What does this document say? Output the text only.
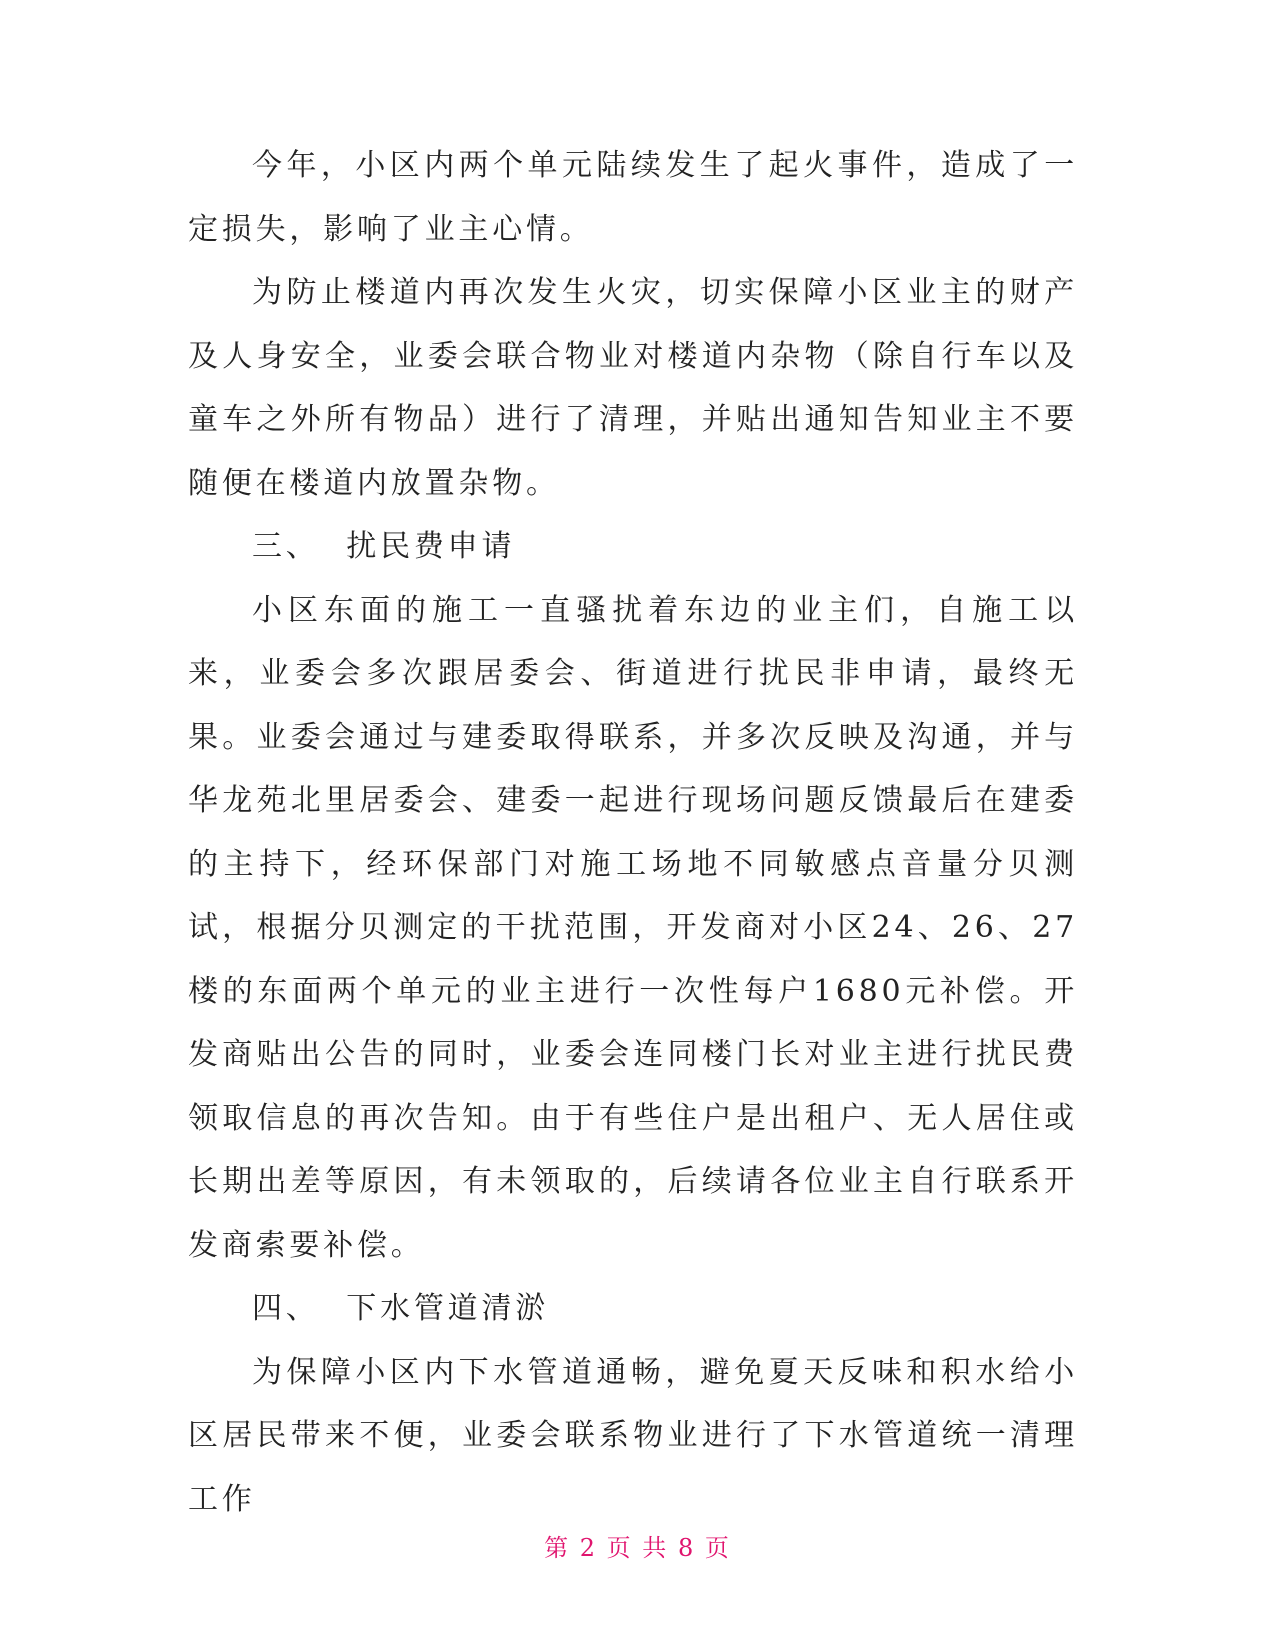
今年，小区内两个单元陆续发生了起火事件，造成了一定损失，影响了业主心情。

为防止楼道内再次发生火灾，切实保障小区业主的财产及人身安全，业委会联合物业对楼道内杂物（除自行车以及童车之外所有物品）进行了清理，并贴出通知告知业主不要随便在楼道内放置杂物。

三、  扰民费申请

小区东面的施工一直骚扰着东边的业主们，自施工以来，业委会多次跟居委会、街道进行扰民非申请，最终无果。业委会通过与建委取得联系，并多次反映及沟通，并与华龙苑北里居委会、建委一起进行现场问题反馈最后在建委的主持下，经环保部门对施工场地不同敏感点音量分贝测试，根据分贝测定的干扰范围，开发商对小区24、26、27楼的东面两个单元的业主进行一次性每户1680元补偿。开发商贴出公告的同时，业委会连同楼门长对业主进行扰民费领取信息的再次告知。由于有些住户是出租户、无人居住或长期出差等原因，有未领取的，后续请各位业主自行联系开发商索要补偿。

四、  下水管道清淤

为保障小区内下水管道通畅，避免夏天反味和积水给小区居民带来不便，业委会联系物业进行了下水管道统一清理工作

第 2 页 共 8 页
